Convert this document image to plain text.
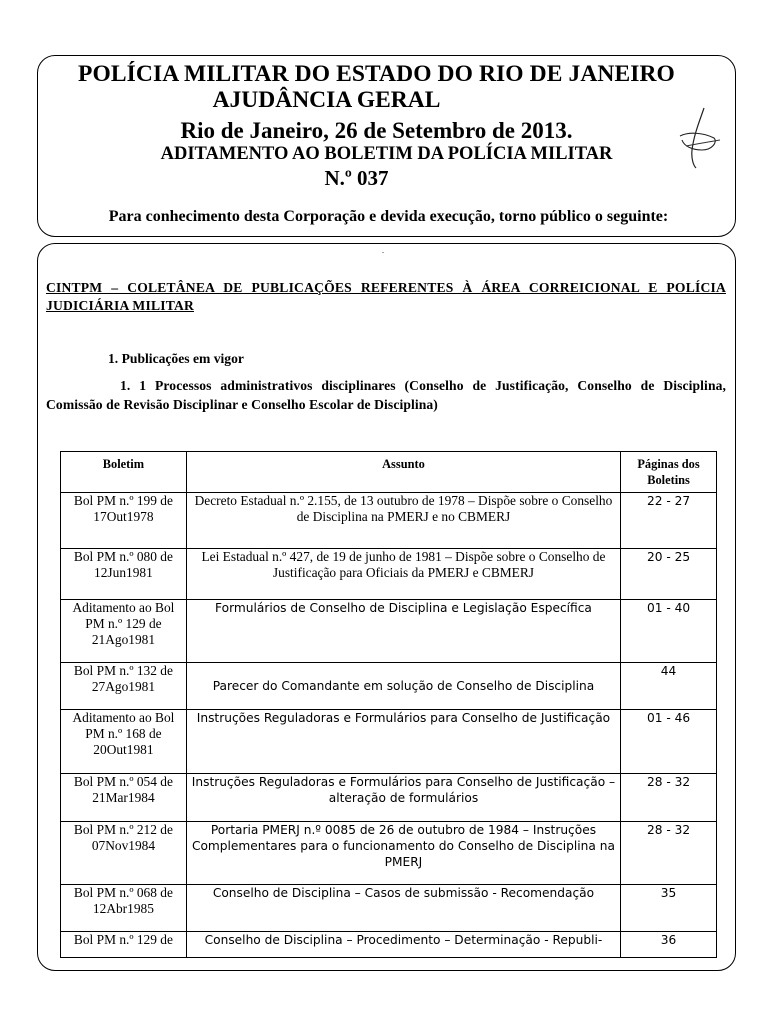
POLÍCIA MILITAR DO ESTADO DO RIO DE JANEIRO
AJUDÂNCIA GERAL
Rio de Janeiro, 26 de Setembro de 2013.
ADITAMENTO AO BOLETIM DA POLÍCIA MILITAR
N.º 037
Para conhecimento desta Corporação e devida execução, torno público o seguinte:
.
CINTPM – COLETÂNEA DE PUBLICAÇÕES REFERENTES À ÁREA CORREICIONAL E POLÍCIA JUDICIÁRIA MILITAR
1. Publicações em vigor
1. 1 Processos administrativos disciplinares (Conselho de Justificação, Conselho de Disciplina, Comissão de Revisão Disciplinar e Conselho Escolar de Disciplina)
Boletim	Assunto	Páginas dos Boletins
Bol PM n.º 199 de 17Out1978	Decreto Estadual n.º 2.155, de 13 outubro de 1978 – Dispõe sobre o Conselho de Disciplina na PMERJ e no CBMERJ	22 - 27
Bol PM n.º 080 de 12Jun1981	Lei Estadual n.º 427, de 19 de junho de 1981 – Dispõe sobre o Conselho de Justificação para Oficiais da PMERJ e CBMERJ	20 - 25
Aditamento ao Bol PM n.º 129 de 21Ago1981	Formulários de Conselho de Disciplina e Legislação Específica	01 - 40
Bol PM n.º 132 de 27Ago1981	Parecer do Comandante em solução de Conselho de Disciplina	44
Aditamento ao Bol PM n.º 168 de 20Out1981	Instruções Reguladoras e Formulários para Conselho de Justificação	01 - 46
Bol PM n.º 054 de 21Mar1984	Instruções Reguladoras e Formulários para Conselho de Justificação – alteração de formulários	28 - 32
Bol PM n.º 212 de 07Nov1984	Portaria PMERJ n.º 0085 de 26 de outubro de 1984 – Instruções Complementares para o funcionamento do Conselho de Disciplina na PMERJ	28 - 32
Bol PM n.º 068 de 12Abr1985	Conselho de Disciplina – Casos de submissão - Recomendação	35
Bol PM n.º 129 de	Conselho de Disciplina – Procedimento – Determinação - Republi-	36
